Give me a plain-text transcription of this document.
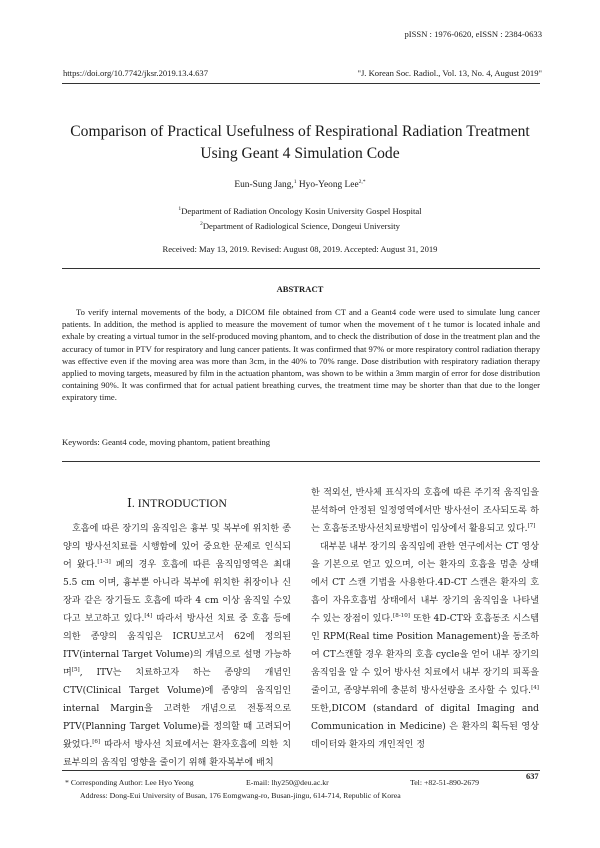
pISSN : 1976-0620, eISSN : 2384-0633
https://doi.org/10.7742/jksr.2019.13.4.637	"J. Korean Soc. Radiol., Vol. 13, No. 4, August 2019"
Comparison of Practical Usefulness of Respirational Radiation Treatment
Using Geant 4 Simulation Code
Eun-Sung Jang,$^1$ Hyo-Yeong Lee$^{2,*}$
$^1$Department of Radiation Oncology Kosin University Gospel Hospital
$^2$Department of Radiological Science, Dongeui University
Received: May 13, 2019. Revised: August 08, 2019. Accepted: August 31, 2019
ABSTRACT

To verify internal movements of the body, a DICOM file obtained from CT and a Geant4 code were used to simulate lung cancer patients. In addition, the method is applied to measure the movement of tumor when the movement of t he tumor is located inhale and exhale by creating a virtual tumor in the self-produced moving phantom, and to check the distribution of dose in the treatment plan and the accuracy of tumor in PTV for respiratory and lung cancer patients. It was confirmed that 97% or more respiratory control radiation therapy was effective even if the moving area was more than 3cm, in the 40% to 70% range. Dose distribution with respiratory radiation therapy applied to moving targets, measured by film in the actuation phantom, was shown to be within a 3mm margin of error for dose distribution containing 90%. It was confirmed that for actual patient breathing curves, the treatment time may be shorter than that due to the longer expiratory time.

Keywords: Geant4 code, moving phantom, patient breathing
Ⅰ. INTRODUCTION

호흡에 따른 장기의 움직임은 흉부 및 복부에 위치한 종양의 방사선치료를 시행함에 있어 중요한 문제로 인식되어 왔다.[1-3] 폐의 경우 호흡에 따른 움직임영역은 최대 5.5 cm 이며, 흉부뿐 아니라 복부에 위치한 취장이나 신장과 같은 장기들도 호흡에 따라 4 cm 이상 움직일 수있다고 보고하고 있다.[4] 따라서 방사선 치료 중 호흡 등에 의한 종양의 움직임은 ICRU보고서 62에 정의된 ITV(internal Target Volume)의 개념으로 설명 가능하며[5], ITV는 치료하고자 하는 종양의 개념인 CTV(Clinical Target Volume)에 종양의 움직임인 internal Margin을 고려한 개념으로 전통적으로 PTV(Planning Target Volume)를 정의할 때 고려되어 왔었다.[6] 따라서 방사선 치료에서는 환자호흡에 의한 치료부의의 움직임 영향을 줄이기 위해 환자복부에 배치

한 적외선, 반사체 표식자의 호흡에 따른 주기적 움직임을 분석하여 안정된 일정영역에서만 방사선이 조사되도록 하는 호흡동조방사선치료방법이 임상에서 활용되고 있다.[7]

대부분 내부 장기의 움직임에 관한 연구에서는 CT 영상을 기본으로 얻고 있으며, 이는 환자의 호흡을 멈춘 상태에서 CT 스캔 기법을 사용한다.4D-CT 스캔은 환자의 호흡이 자유호흡법 상태에서 내부 장기의 움직임을 나타낼 수 있는 장점이 있다.[8-10] 또한 4D-CT와 호흡동조 시스템인 RPM(Real time Position Management)을 동조하여 CT스캔할 경우 환자의 호흡 cycle을 얻어 내부 장기의 움직임을 알 수 있어 방사선 치료에서 내부 장기의 피폭을 줄이고, 종양부위에 충분히 방사선량을 조사할 수 있다.[4] 또한,DICOM (standard of digital Imaging and Communication in Medicine) 은 환자의 획득된 영상 데이터와 환자의 개인적인 정

637
* Corresponding Author: Lee Hyo Yeong	E-mail: lhy250@deu.ac.kr	Tel: +82-51-890-2679
Address: Dong-Eui University of Busan, 176 Eomgwang-ro, Busan-jingu, 614-714, Republic of Korea
